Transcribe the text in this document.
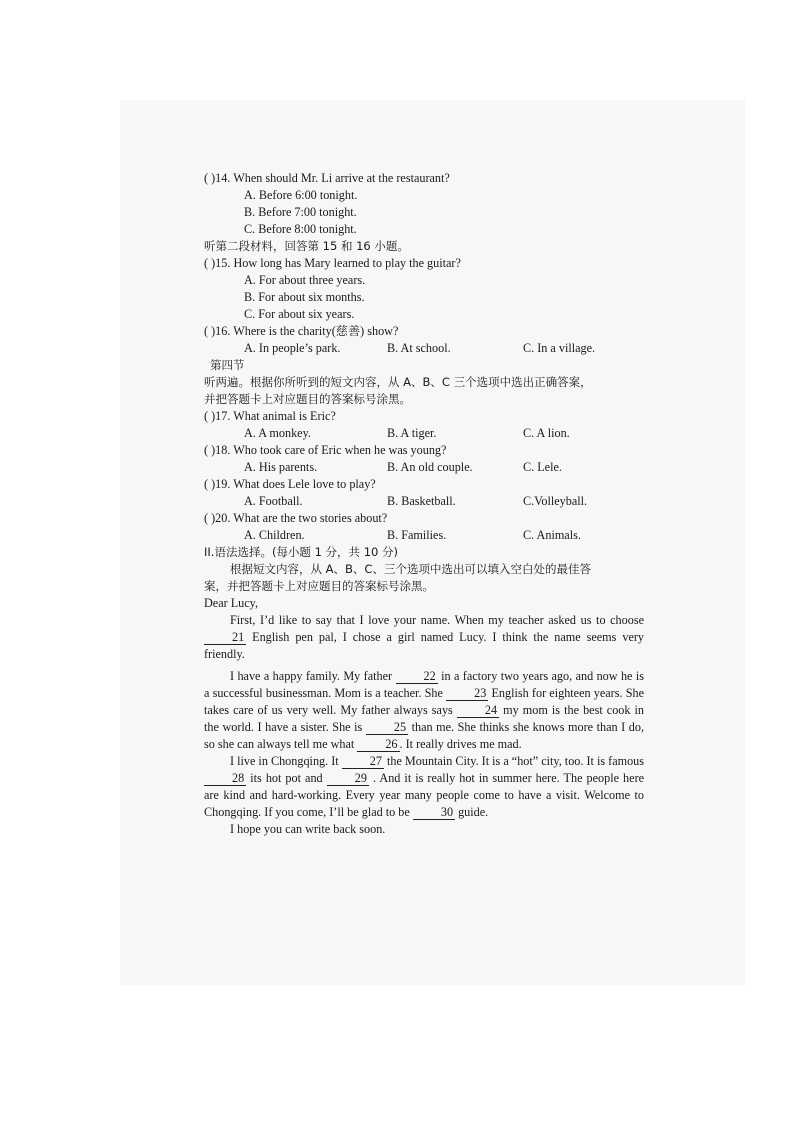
( )14. When should Mr. Li arrive at the restaurant?
A. Before 6:00 tonight.
B. Before 7:00 tonight.
C. Before 8:00 tonight.
听第二段材料，回答第 15 和 16 小题。
( )15. How long has Mary learned to play the guitar?
A. For about three years.
B. For about six months.
C. For about six years.
( )16. Where is the charity(慈善) show?
A. In people’s park.	B. At school.	C. In a village.
第四节
听两遍。根据你所听到的短文内容，从 A、B、C 三个选项中选出正确答案，
并把答题卡上对应题目的答案标号涂黑。
( )17. What animal is Eric?
A. A monkey.	B. A tiger.	C. A lion.
( )18. Who took care of Eric when he was young?
A. His parents.	B. An old couple.	C. Lele.
( )19. What does Lele love to play?
A. Football.	B. Basketball.	C.Volleyball.
( )20. What are the two stories about?
A. Children.	B. Families.	C. Animals.
II.语法选择。(每小题 1 分，共 10 分)
根据短文内容，从 A、B、C、三个选项中选出可以填入空白处的最佳答
案，并把答题卡上对应题目的答案标号涂黑。
Dear Lucy,

First, I’d like to say that I love your name. When my teacher asked us to choose 21 English pen pal, I chose a girl named Lucy. I think the name seems very friendly.

I have a happy family. My father	22 in a factory two years ago, and now he is a successful businessman. Mom is a teacher. She	23 English for eighteen years. She takes care of us very well. My father always says	24 my mom is the best cook in the world. I have a sister. She is	25 than me. She thinks she knows more than I do, so she can always tell me what	26 . It really drives me mad.

I live in Chongqing. It	27 the Mountain City. It is a “hot” city, too. It is famous 28 its hot pot and	29 . And it is really hot in summer here. The people here are kind and hard-working. Every year many people come to have a visit. Welcome to Chongqing. If you come, I’ll be glad to be	30 guide.

I hope you can write back soon.
